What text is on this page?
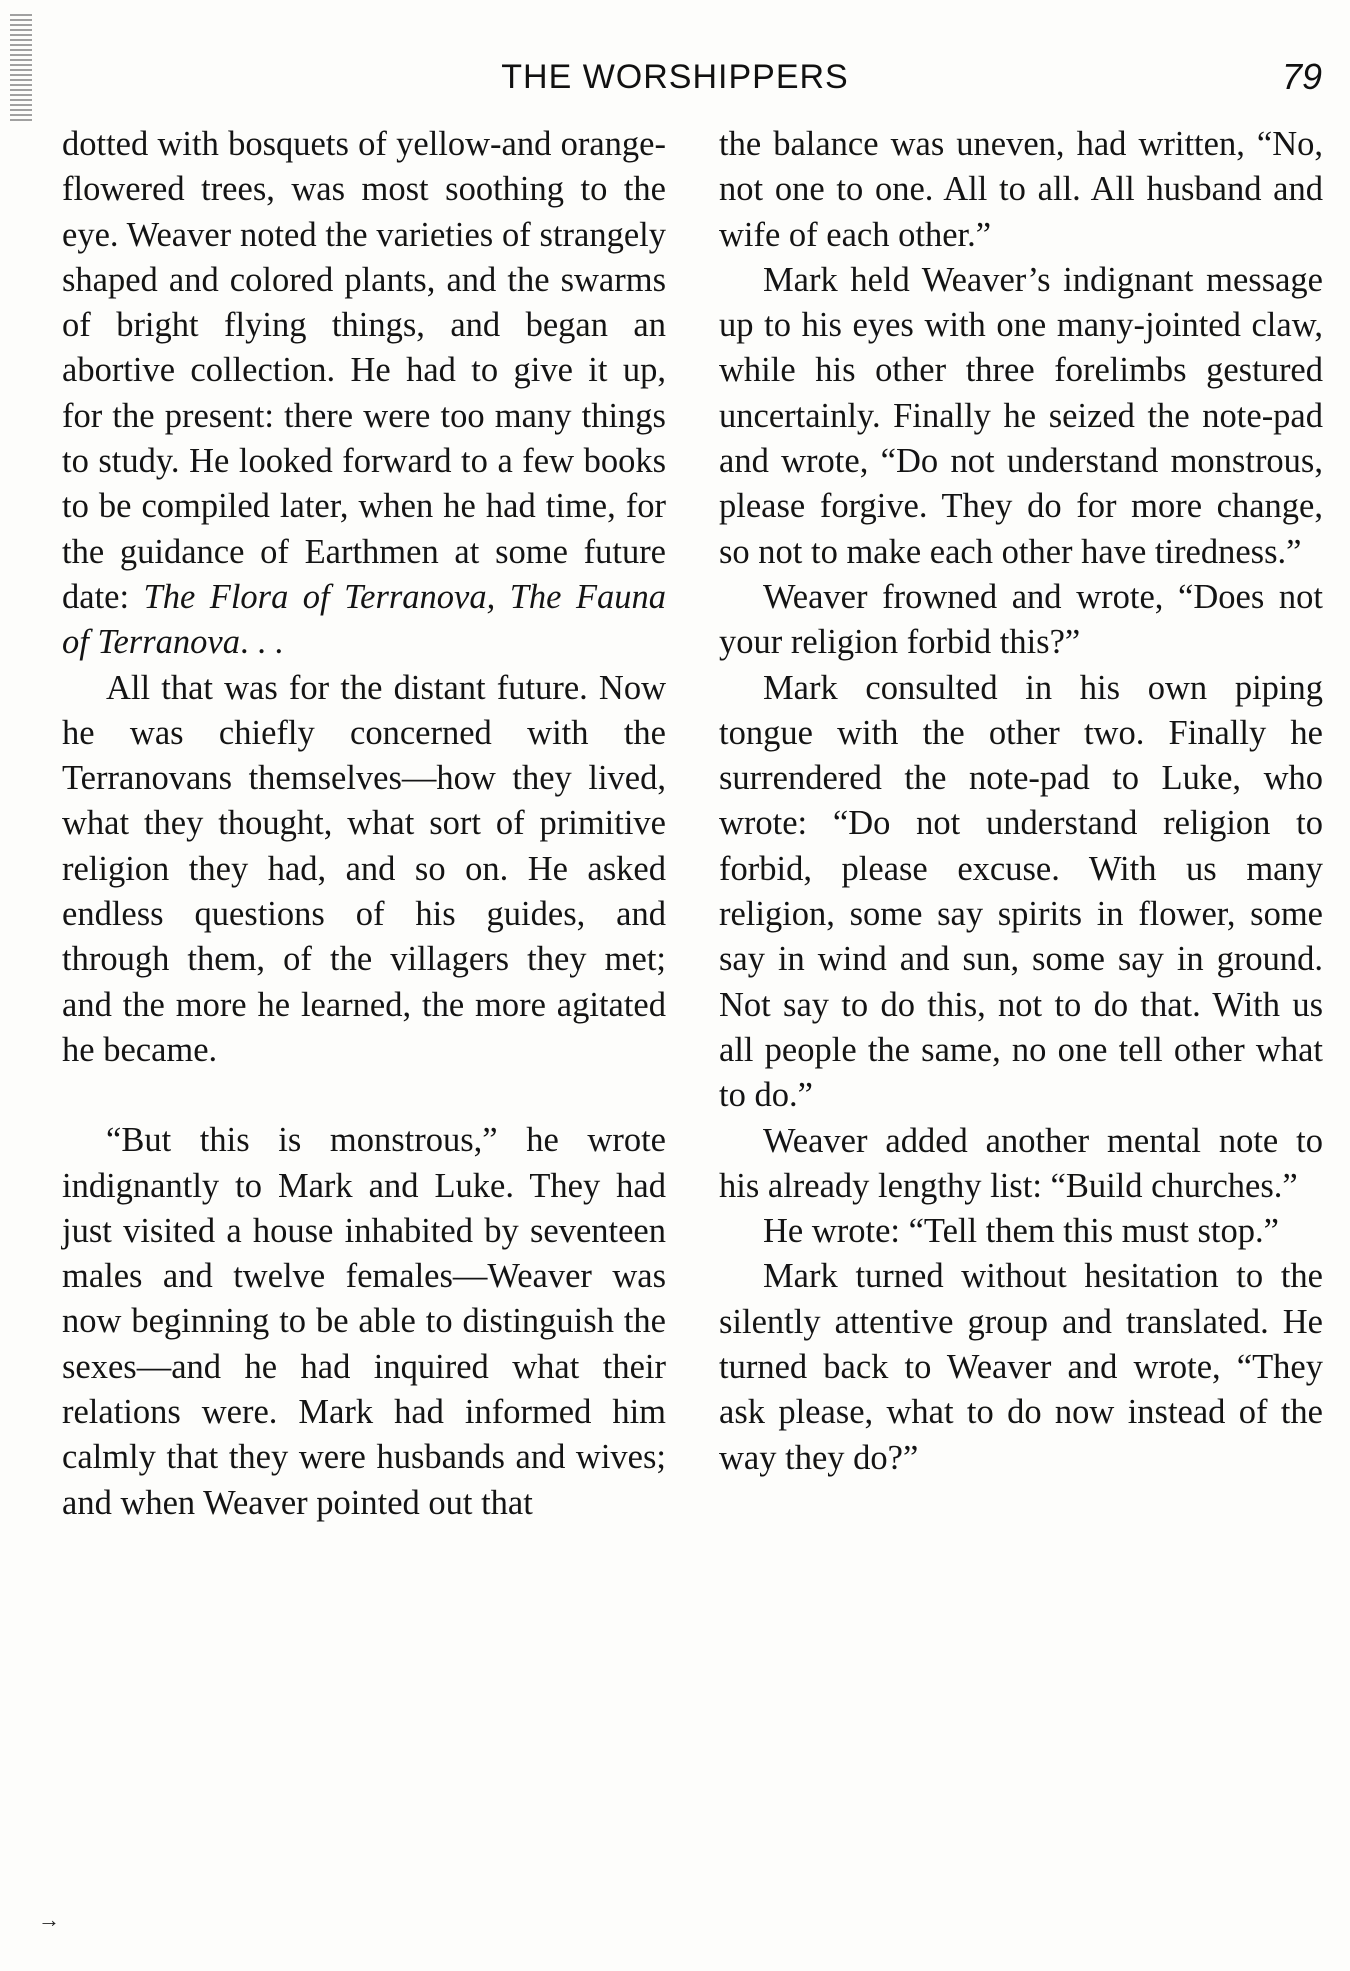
THE WORSHIPPERS	79

dotted with bosquets of yellow-and orange-flowered trees, was most soothing to the eye. Weaver noted the varieties of strangely shaped and colored plants, and the swarms of bright flying things, and began an abortive collection. He had to give it up, for the present: there were too many things to study. He looked forward to a few books to be compiled later, when he had time, for the guidance of Earthmen at some future date: The Flora of Terranova, The Fauna of Terranova. . .

All that was for the distant future. Now he was chiefly concerned with the Terranovans themselves—how they lived, what they thought, what sort of primitive religion they had, and so on. He asked endless questions of his guides, and through them, of the villagers they met; and the more he learned, the more agitated he became.

“But this is monstrous,” he wrote indignantly to Mark and Luke. They had just visited a house inhabited by seventeen males and twelve females—Weaver was now beginning to be able to distinguish the sexes—and he had inquired what their relations were. Mark had informed him calmly that they were husbands and wives; and when Weaver pointed out that

the balance was uneven, had written, “No, not one to one. All to all. All husband and wife of each other.”

Mark held Weaver’s indignant message up to his eyes with one many-jointed claw, while his other three forelimbs gestured uncertainly. Finally he seized the note-pad and wrote, “Do not understand monstrous, please forgive. They do for more change, so not to make each other have tiredness.”

Weaver frowned and wrote, “Does not your religion forbid this?”

Mark consulted in his own piping tongue with the other two. Finally he surrendered the note-pad to Luke, who wrote: “Do not understand religion to forbid, please excuse. With us many religion, some say spirits in flower, some say in wind and sun, some say in ground. Not say to do this, not to do that. With us all people the same, no one tell other what to do.”

Weaver added another mental note to his already lengthy list: “Build churches.”

He wrote: “Tell them this must stop.”

Mark turned without hesitation to the silently attentive group and translated. He turned back to Weaver and wrote, “They ask please, what to do now instead of the way they do?”

→
